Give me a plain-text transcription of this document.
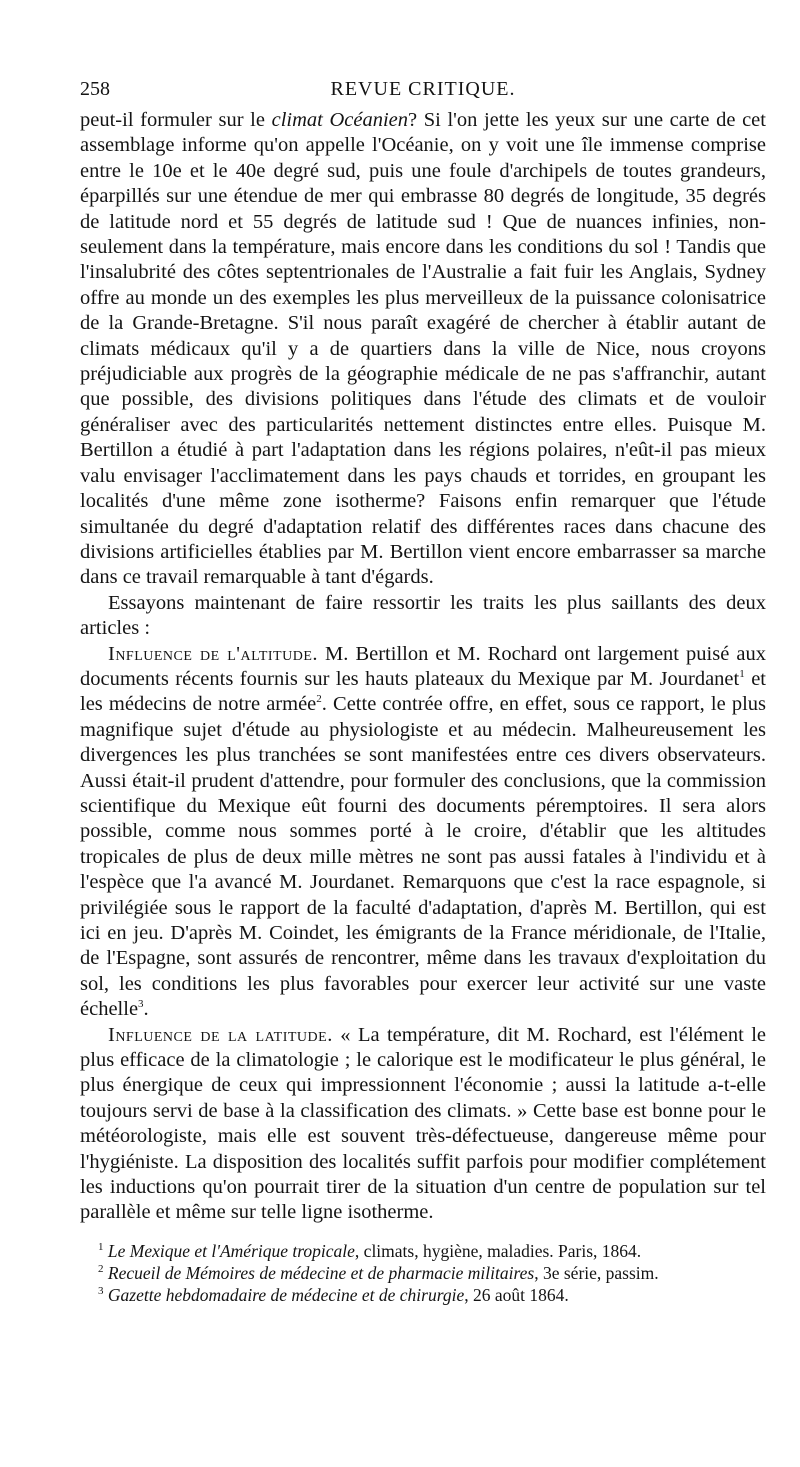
258	REVUE CRITIQUE.

peut-il formuler sur le climat Océanien? Si l'on jette les yeux sur une carte de cet assemblage informe qu'on appelle l'Océanie, on y voit une île immense comprise entre le 10e et le 40e degré sud, puis une foule d'archipels de toutes grandeurs, éparpillés sur une étendue de mer qui embrasse 80 degrés de longitude, 35 degrés de latitude nord et 55 degrés de latitude sud ! Que de nuances infinies, non-seulement dans la température, mais encore dans les conditions du sol ! Tandis que l'insalubrité des côtes septentrionales de l'Australie a fait fuir les Anglais, Sydney offre au monde un des exemples les plus merveilleux de la puissance colonisatrice de la Grande-Bretagne. S'il nous paraît exagéré de chercher à établir autant de climats médicaux qu'il y a de quartiers dans la ville de Nice, nous croyons préjudiciable aux progrès de la géographie médicale de ne pas s'affranchir, autant que possible, des divisions politiques dans l'étude des climats et de vouloir généraliser avec des particularités nettement distinctes entre elles. Puisque M. Bertillon a étudié à part l'adaptation dans les régions polaires, n'eût-il pas mieux valu envisager l'acclimatement dans les pays chauds et torrides, en groupant les localités d'une même zone isotherme? Faisons enfin remarquer que l'étude simultanée du degré d'adaptation relatif des différentes races dans chacune des divisions artificielles établies par M. Bertillon vient encore embarrasser sa marche dans ce travail remarquable à tant d'égards.

Essayons maintenant de faire ressortir les traits les plus saillants des deux articles :

Influence de l'altitude. M. Bertillon et M. Rochard ont largement puisé aux documents récents fournis sur les hauts plateaux du Mexique par M. Jourdanet$^1$ et les médecins de notre armée$^2$. Cette contrée offre, en effet, sous ce rapport, le plus magnifique sujet d'étude au physiologiste et au médecin. Malheureusement les divergences les plus tranchées se sont manifestées entre ces divers observateurs. Aussi était-il prudent d'attendre, pour formuler des conclusions, que la commission scientifique du Mexique eût fourni des documents péremptoires. Il sera alors possible, comme nous sommes porté à le croire, d'établir que les altitudes tropicales de plus de deux mille mètres ne sont pas aussi fatales à l'individu et à l'espèce que l'a avancé M. Jourdanet. Remarquons que c'est la race espagnole, si privilégiée sous le rapport de la faculté d'adaptation, d'après M. Bertillon, qui est ici en jeu. D'après M. Coindet, les émigrants de la France méridionale, de l'Italie, de l'Espagne, sont assurés de rencontrer, même dans les travaux d'exploitation du sol, les conditions les plus favorables pour exercer leur activité sur une vaste échelle$^3$.

Influence de la latitude. « La température, dit M. Rochard, est l'élément le plus efficace de la climatologie ; le calorique est le modificateur le plus général, le plus énergique de ceux qui impressionnent l'économie ; aussi la latitude a-t-elle toujours servi de base à la classification des climats. » Cette base est bonne pour le météorologiste, mais elle est souvent très-défectueuse, dangereuse même pour l'hygiéniste. La disposition des localités suffit parfois pour modifier complétement les inductions qu'on pourrait tirer de la situation d'un centre de population sur tel parallèle et même sur telle ligne isotherme.

$^1$ Le Mexique et l'Amérique tropicale, climats, hygiène, maladies. Paris, 1864.
$^2$ Recueil de Mémoires de médecine et de pharmacie militaires, 3e série, passim.
$^3$ Gazette hebdomadaire de médecine et de chirurgie, 26 août 1864.
